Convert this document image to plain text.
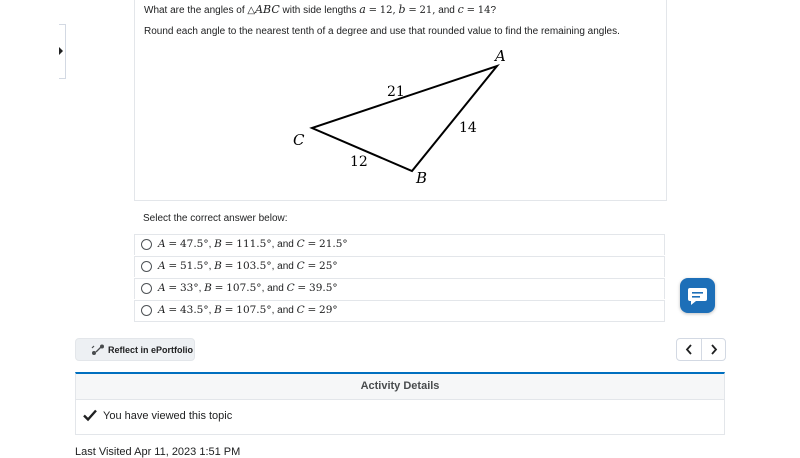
What are the angles of △ABC with side lengths a = 12, b = 21, and c = 14?
Round each angle to the nearest tenth of a degree and use that rounded value to find the remaining angles.
A
B
C
21
14
12
Select the correct answer below:
A = 47.5°, B = 111.5°, and C = 21.5°
A = 51.5°, B = 103.5°, and C = 25°
A = 33°, B = 107.5°, and C = 39.5°
A = 43.5°, B = 107.5°, and C = 29°
Reflect in ePortfolio
Activity Details
You have viewed this topic
Last Visited Apr 11, 2023 1:51 PM
